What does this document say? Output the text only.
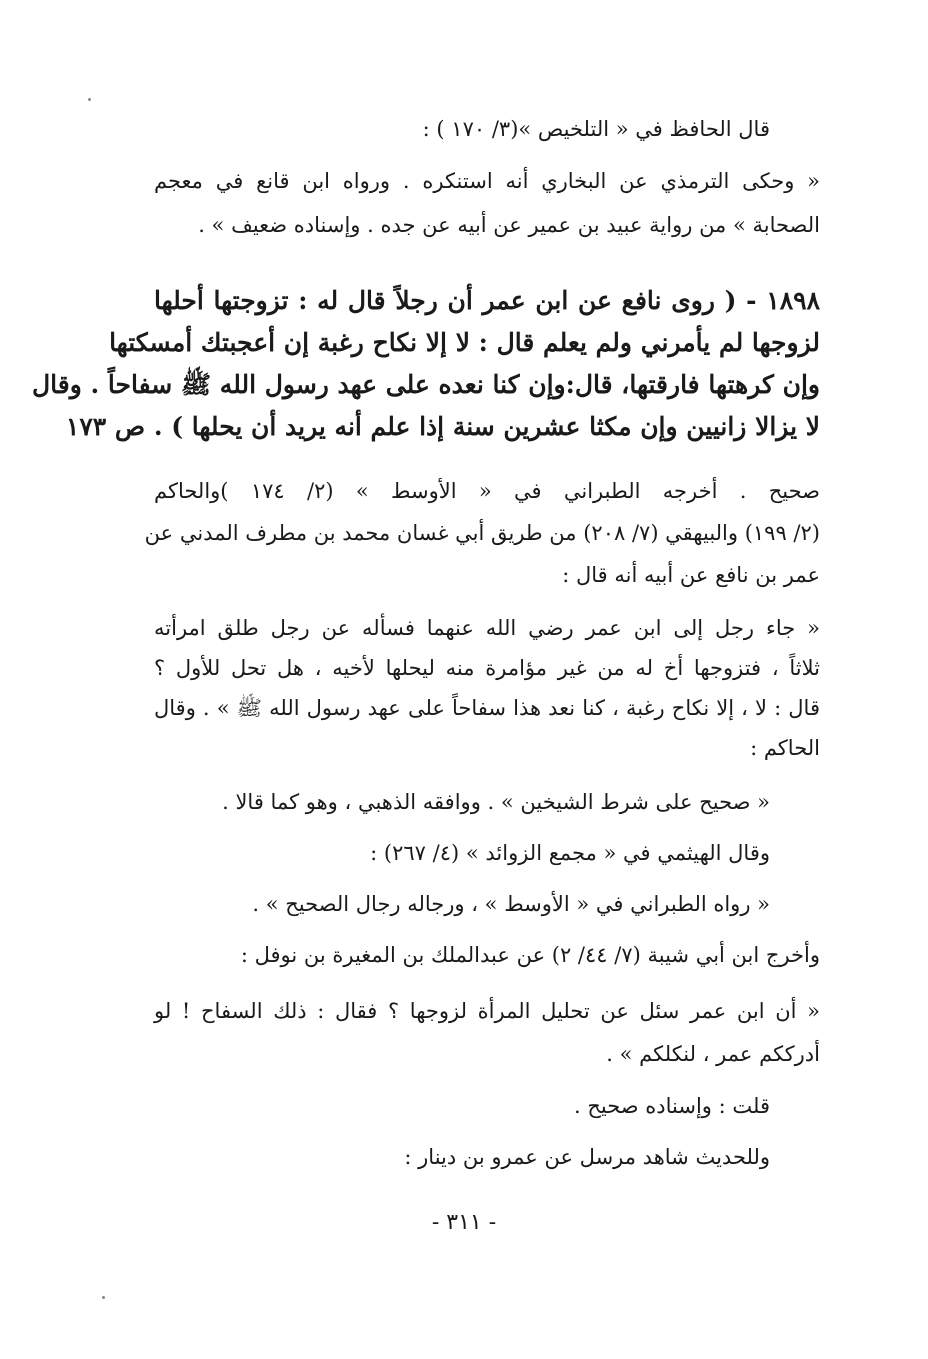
قال الحافظ في « التلخيص »(٣/ ١٧٠ ) :
« وحكى الترمذي عن البخاري أنه استنكره . ورواه ابن قانع في معجم
الصحابة » من رواية عبيد بن عمير عن أبيه عن جده . وإسناده ضعيف » .
١٨٩٨ - ( روى نافع عن ابن عمر أن رجلاً قال له : تزوجتها أحلها
لزوجها لم يأمرني ولم يعلم قال : لا إلا نكاح رغبة إن أعجبتك أمسكتها
وإن كرهتها فارقتها، قال:وإن كنا نعده على عهد رسول الله ﷺ سفاحاً . وقال
لا يزالا زانيين وإن مكثا عشرين سنة إذا علم أنه يريد أن يحلها ) . ص ١٧٣
صحيح . أخرجه الطبراني في « الأوسط » (٢/ ١٧٤ )والحاكم
(٢/ ١٩٩) والبيهقي (٧/ ٢٠٨) من طريق أبي غسان محمد بن مطرف المدني عن
عمر بن نافع عن أبيه أنه قال :
« جاء رجل إلى ابن عمر رضي الله عنهما فسأله عن رجل طلق امرأته
ثلاثاً ، فتزوجها أخ له من غير مؤامرة منه ليحلها لأخيه ، هل تحل للأول ؟
قال : لا ، إلا نكاح رغبة ، كنا نعد هذا سفاحاً على عهد رسول الله ﷺ » . وقال
الحاكم :
« صحيح على شرط الشيخين » . ووافقه الذهبي ، وهو كما قالا .
وقال الهيثمي في « مجمع الزوائد » (٤/ ٢٦٧) :
« رواه الطبراني في « الأوسط » ، ورجاله رجال الصحيح » .
وأخرج ابن أبي شيبة (٧/ ٤٤/ ٢) عن عبدالملك بن المغيرة بن نوفل :
« أن ابن عمر سئل عن تحليل المرأة لزوجها ؟ فقال : ذلك السفاح ! لو
أدرككم عمر ، لنكلكم » .
قلت : وإسناده صحيح .
وللحديث شاهد مرسل عن عمرو بن دينار :
- ٣١١ -
